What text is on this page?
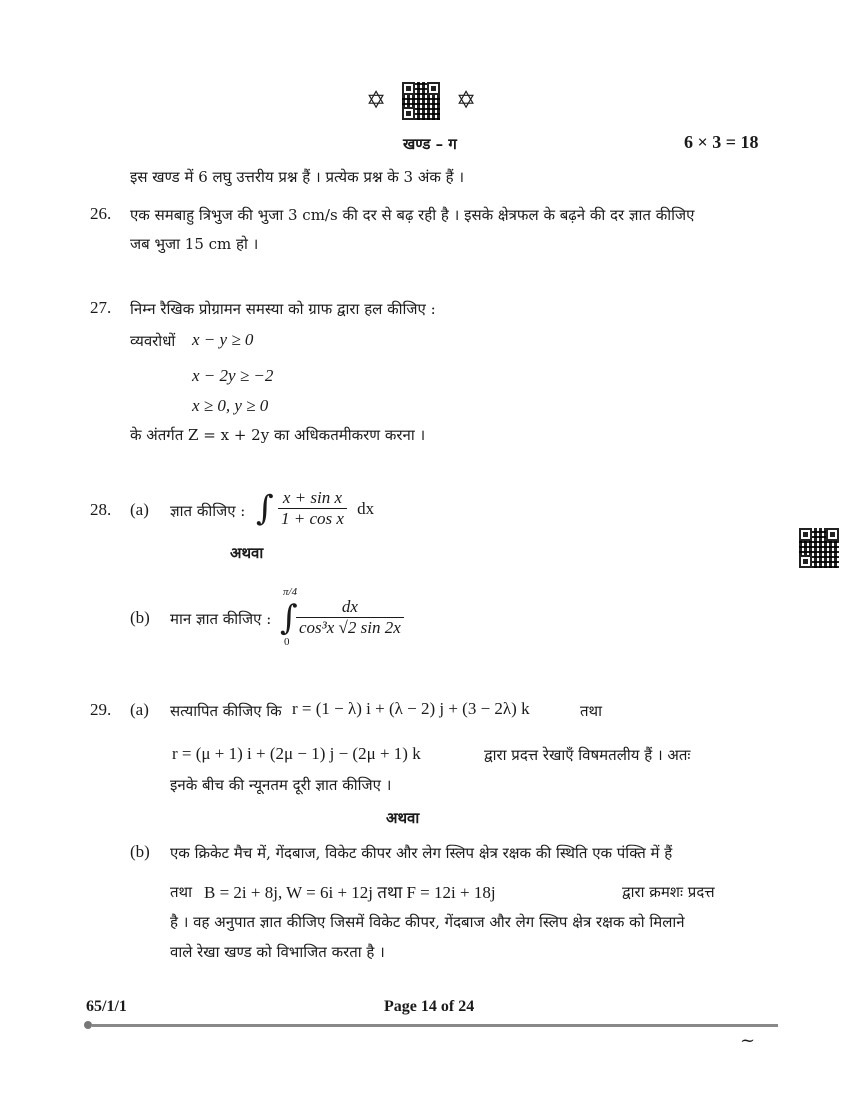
✡	✡
खण्ड – ग	6 × 3 = 18
इस खण्ड में 6 लघु उत्तरीय प्रश्न हैं । प्रत्येक प्रश्न के 3 अंक हैं ।
26. एक समबाहु त्रिभुज की भुजा 3 cm/s की दर से बढ़ रही है । इसके क्षेत्रफल के बढ़ने की दर ज्ञात कीजिए
जब भुजा 15 cm हो ।
27. निम्न रैखिक प्रोग्रामन समस्या को ग्राफ द्वारा हल कीजिए :
व्यवरोधों x − y ≥ 0
x − 2y ≥ −2
x ≥ 0, y ≥ 0
के अंतर्गत Z = x + 2y का अधिकतमीकरण करना ।
28. (a) ज्ञात कीजिए : ∫ $\frac{\text{x + sin x}}{\text{1 + cos x}}$ dx
अथवा
(b) मान ज्ञात कीजिए :
π/4
∫
0
$\frac{dx}{\text{cos³x √2 sin 2x}}$
29. (a) सत्यापित कीजिए कि r = (1 − λ) i + (λ − 2) j + (3 − 2λ) k	तथा
r = (μ + 1) i + (2μ − 1) j − (2μ + 1) k	द्वारा प्रदत्त रेखाएँ विषमतलीय हैं । अतः
इनके बीच की न्यूनतम दूरी ज्ञात कीजिए ।
अथवा
(b) एक क्रिकेट मैच में, गेंदबाज, विकेट कीपर और लेग स्लिप क्षेत्र रक्षक की स्थिति एक पंक्ति में हैं
तथा B = 2i + 8j, W = 6i + 12j तथा F = 12i + 18j	द्वारा क्रमशः प्रदत्त
है । वह अनुपात ज्ञात कीजिए जिसमें विकेट कीपर, गेंदबाज और लेग स्लिप क्षेत्र रक्षक को मिलाने
वाले रेखा खण्ड को विभाजित करता है ।
65/1/1	Page 14 of 24
~
